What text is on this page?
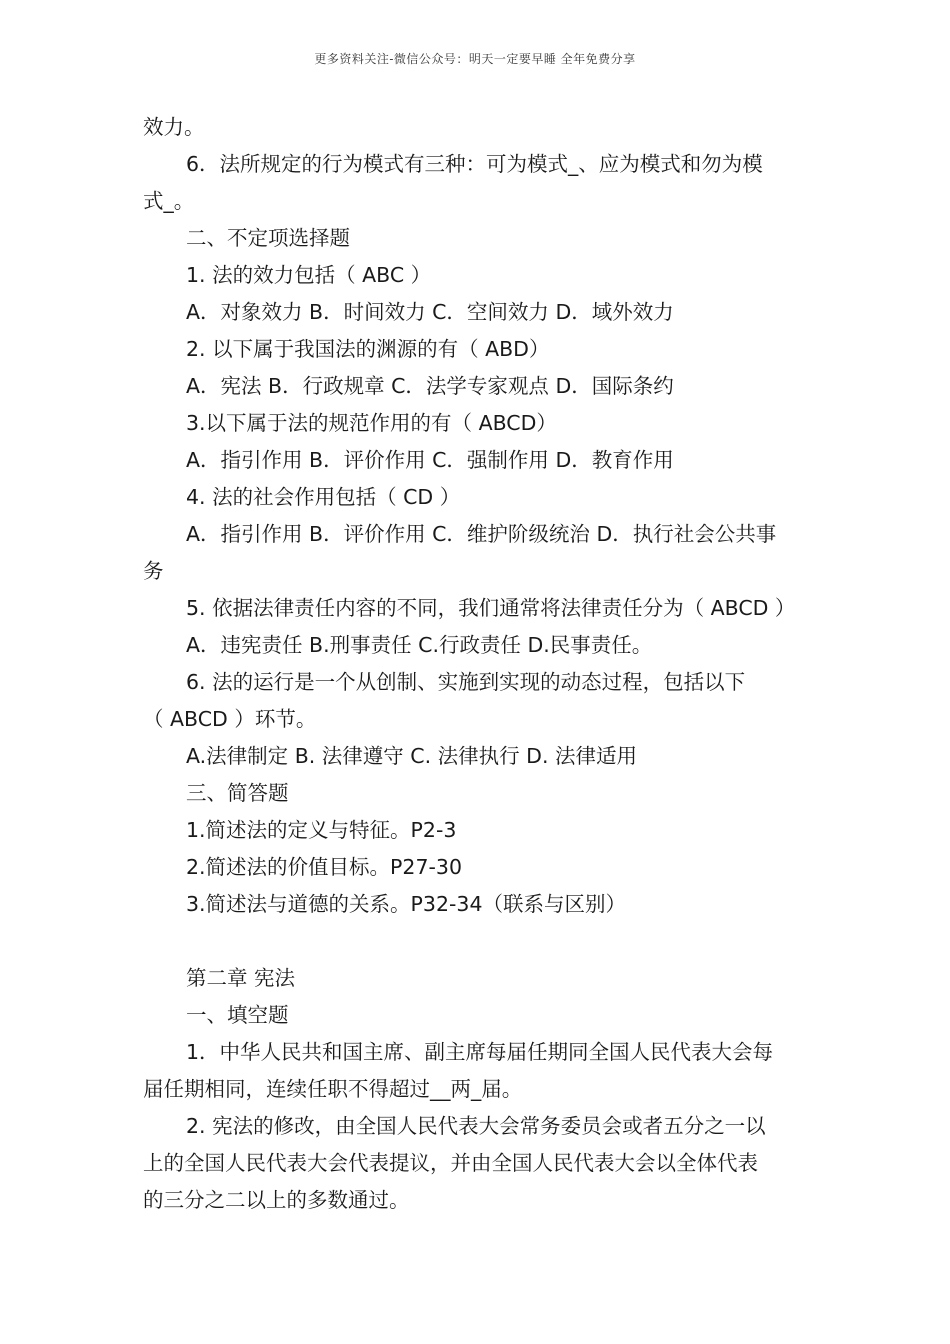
更多资料关注-微信公众号：明天一定要早睡 全年免费分享
效力。
6．法所规定的行为模式有三种：可为模式_、应为模式和勿为模
式_。
二、不定项选择题
1. 法的效力包括（ ABC ）
A．对象效力 B．时间效力 C．空间效力 D．域外效力
2. 以下属于我国法的渊源的有（ ABD）
A．宪法 B．行政规章 C．法学专家观点 D．国际条约
3.以下属于法的规范作用的有（ ABCD）
A．指引作用 B．评价作用 C．强制作用 D．教育作用
4. 法的社会作用包括（ CD ）
A．指引作用 B．评价作用 C．维护阶级统治 D．执行社会公共事
务
5. 依据法律责任内容的不同，我们通常将法律责任分为（ ABCD ）
A．违宪责任 B.刑事责任 C.行政责任 D.民事责任。
6. 法的运行是一个从创制、实施到实现的动态过程，包括以下
（ ABCD ）环节。
A.法律制定 B. 法律遵守 C. 法律执行 D. 法律适用
三、简答题
1.简述法的定义与特征。P2-3
2.简述法的价值目标。P27-30
3.简述法与道德的关系。P32-34（联系与区别）
第二章 宪法
一、填空题
1．中华人民共和国主席、副主席每届任期同全国人民代表大会每
届任期相同，连续任职不得超过__两_届。
2. 宪法的修改，由全国人民代表大会常务委员会或者五分之一以
上的全国人民代表大会代表提议，并由全国人民代表大会以全体代表
的三分之二以上的多数通过。
